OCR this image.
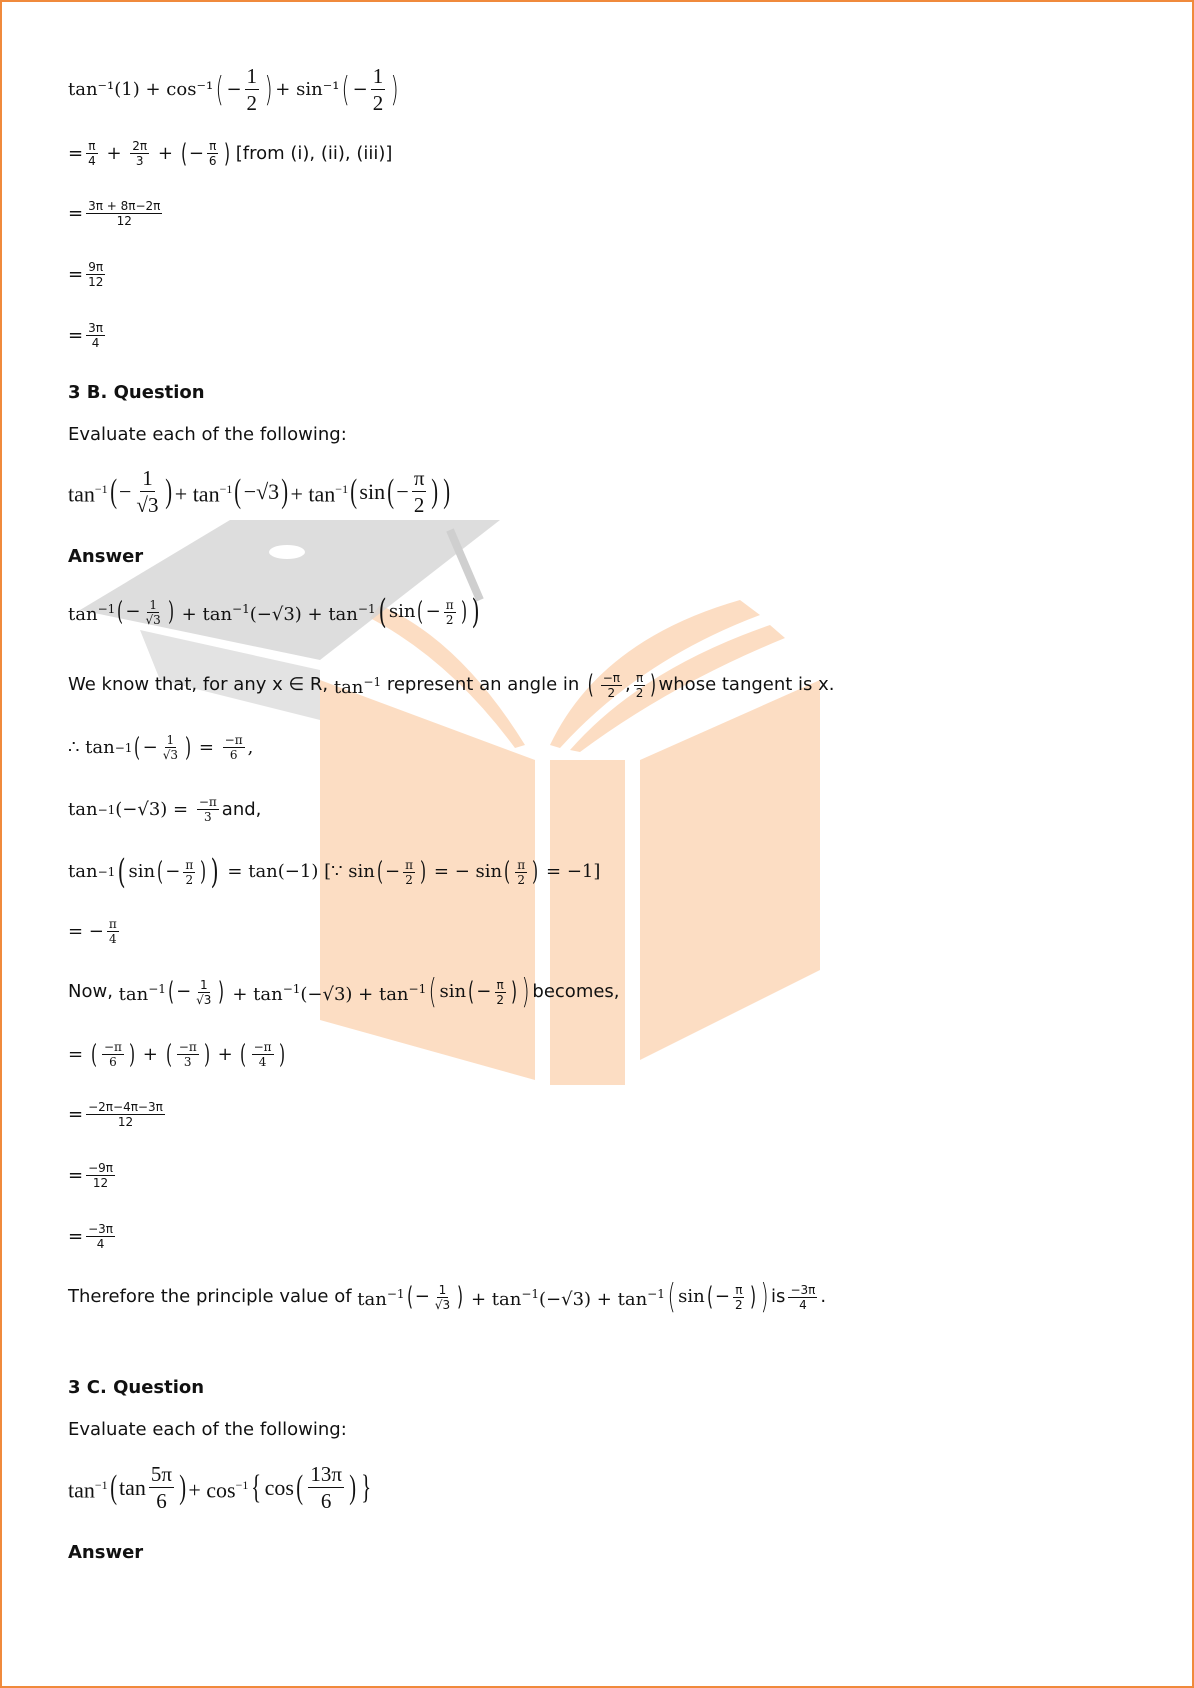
tan⁻¹(1) + cos⁻¹ ( − $\frac{1}{2}$ ) + sin⁻¹ ( − $\frac{1}{2}$ )
= $\frac{\pi}{4} + \frac{2\pi}{3}$ + ( − $\frac{\pi}{6}$ ) [from (i), (ii), (iii)]
= $\frac{3\pi + 8\pi-2\pi}{12}$
= $\frac{9\pi}{12}$
= $\frac{3\pi}{4}$
3 B. Question
Evaluate each of the following:
$\tan^{-1}$ ( − $\frac{1}{√3}$ ) + $\tan^{-1}$ ( −√3 ) + $\tan^{-1}$ ( sin ( − $\frac{\pi}{2}$ ) )
Answer
$\tan^{-1}$ ( − $\frac{1}{√3}$ ) + $\tan^{-1}(-√3) + \tan^{-1}$ ( sin ( − $\frac{\pi}{2}$ ) )
We know that, for any x ∈ R, $\tan^{-1}$ represent an angle in ( $\frac{-\pi}{2}$ , $\frac{\pi}{2}$ ) whose tangent is x.
∴ tan −1 ( − $\frac{1}{√3}$ ) = $\frac{-\pi}{6}$ ,
tan −1 $(-√3) = \frac{-\pi}{3}$ and,
tan −1 ( sin ( − $\frac{\pi}{2}$ ) ) = tan(−1) [∵ sin ( − $\frac{\pi}{2}$ ) = − sin ( $\frac{\pi}{2}$ ) = −1]
= − $\frac{\pi}{4}$
Now, $\tan^{-1}$ ( − $\frac{1}{√3}$ ) + $\tan^{-1}(-√3) + \tan^{-1}$ ( sin ( − $\frac{\pi}{2}$ ) ) becomes,
= ( $\frac{-\pi}{6}$ ) + ( $\frac{-\pi}{3}$ ) + ( $\frac{-\pi}{4}$ )
= $\frac{-2\pi-4\pi-3\pi}{12}$
= $\frac{-9\pi}{12}$
= $\frac{-3\pi}{4}$
Therefore the principle value of $\tan^{-1}$ ( − $\frac{1}{√3}$ ) + $\tan^{-1}(-√3) + \tan^{-1}$ ( sin ( − $\frac{\pi}{2}$ ) ) is $\frac{-3\pi}{4}$ .
3 C. Question
Evaluate each of the following:
$\tan^{-1}$ ( $\tan \frac{5\pi}{6}$ ) + $\cos^{-1}$ { cos ( $\frac{13\pi}{6}$ ) }
Answer
